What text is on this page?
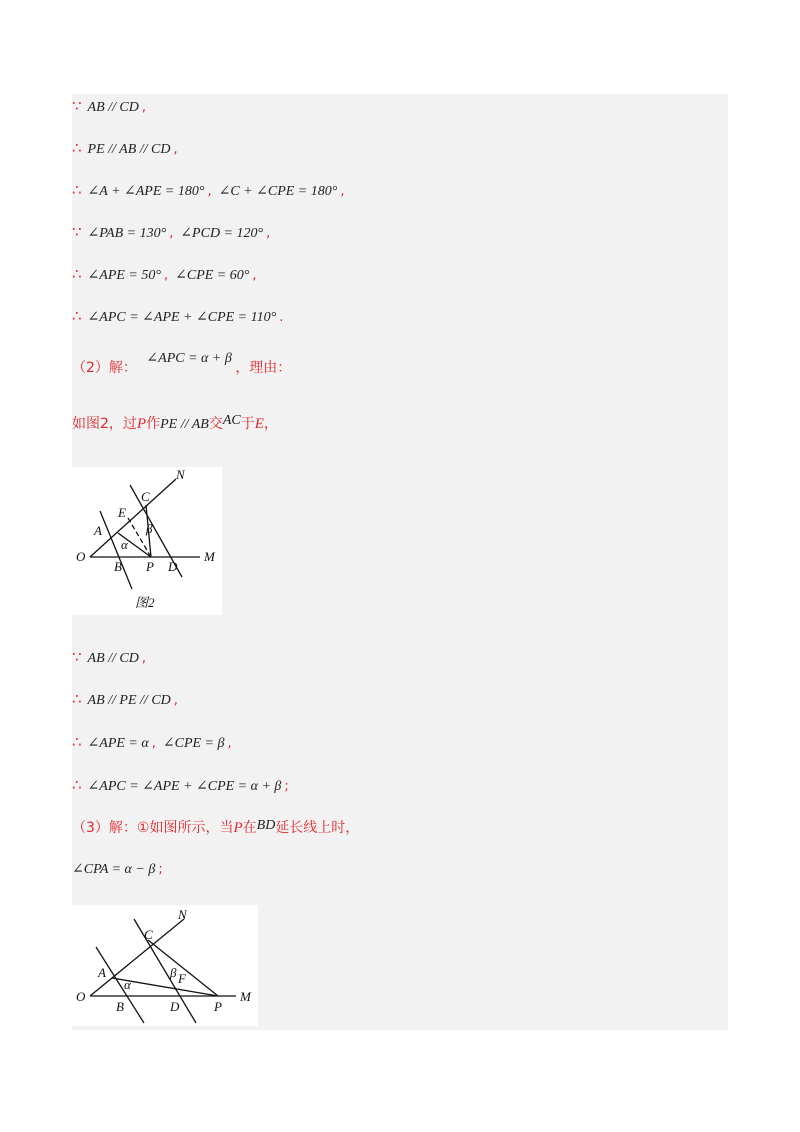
∵ AB // CD ,
∴ PE // AB // CD ,
∴ ∠A + ∠APE = 180° , ∠C + ∠CPE = 180° ,
∵ ∠PAB = 130° , ∠PCD = 120° ,
∴ ∠APE = 50° , ∠CPE = 60° ,
∴ ∠APC = ∠APE + ∠CPE = 110° .
（2）解： ∠APC = α + β ，理由：
如图2，过P作PE // AB交AC于E，
N
C
E
A
α
β
O
B P D
M
图2
∵ AB // CD ,
∴ AB // PE // CD ,
∴ ∠APE = α , ∠CPE = β ,
∴ ∠APC = ∠APE + ∠CPE = α + β ;
（3）解：①如图所示，当P在BD延长线上时，
∠CPA = α − β ;
N
C
A
α
β F
O
B	D	P
M
